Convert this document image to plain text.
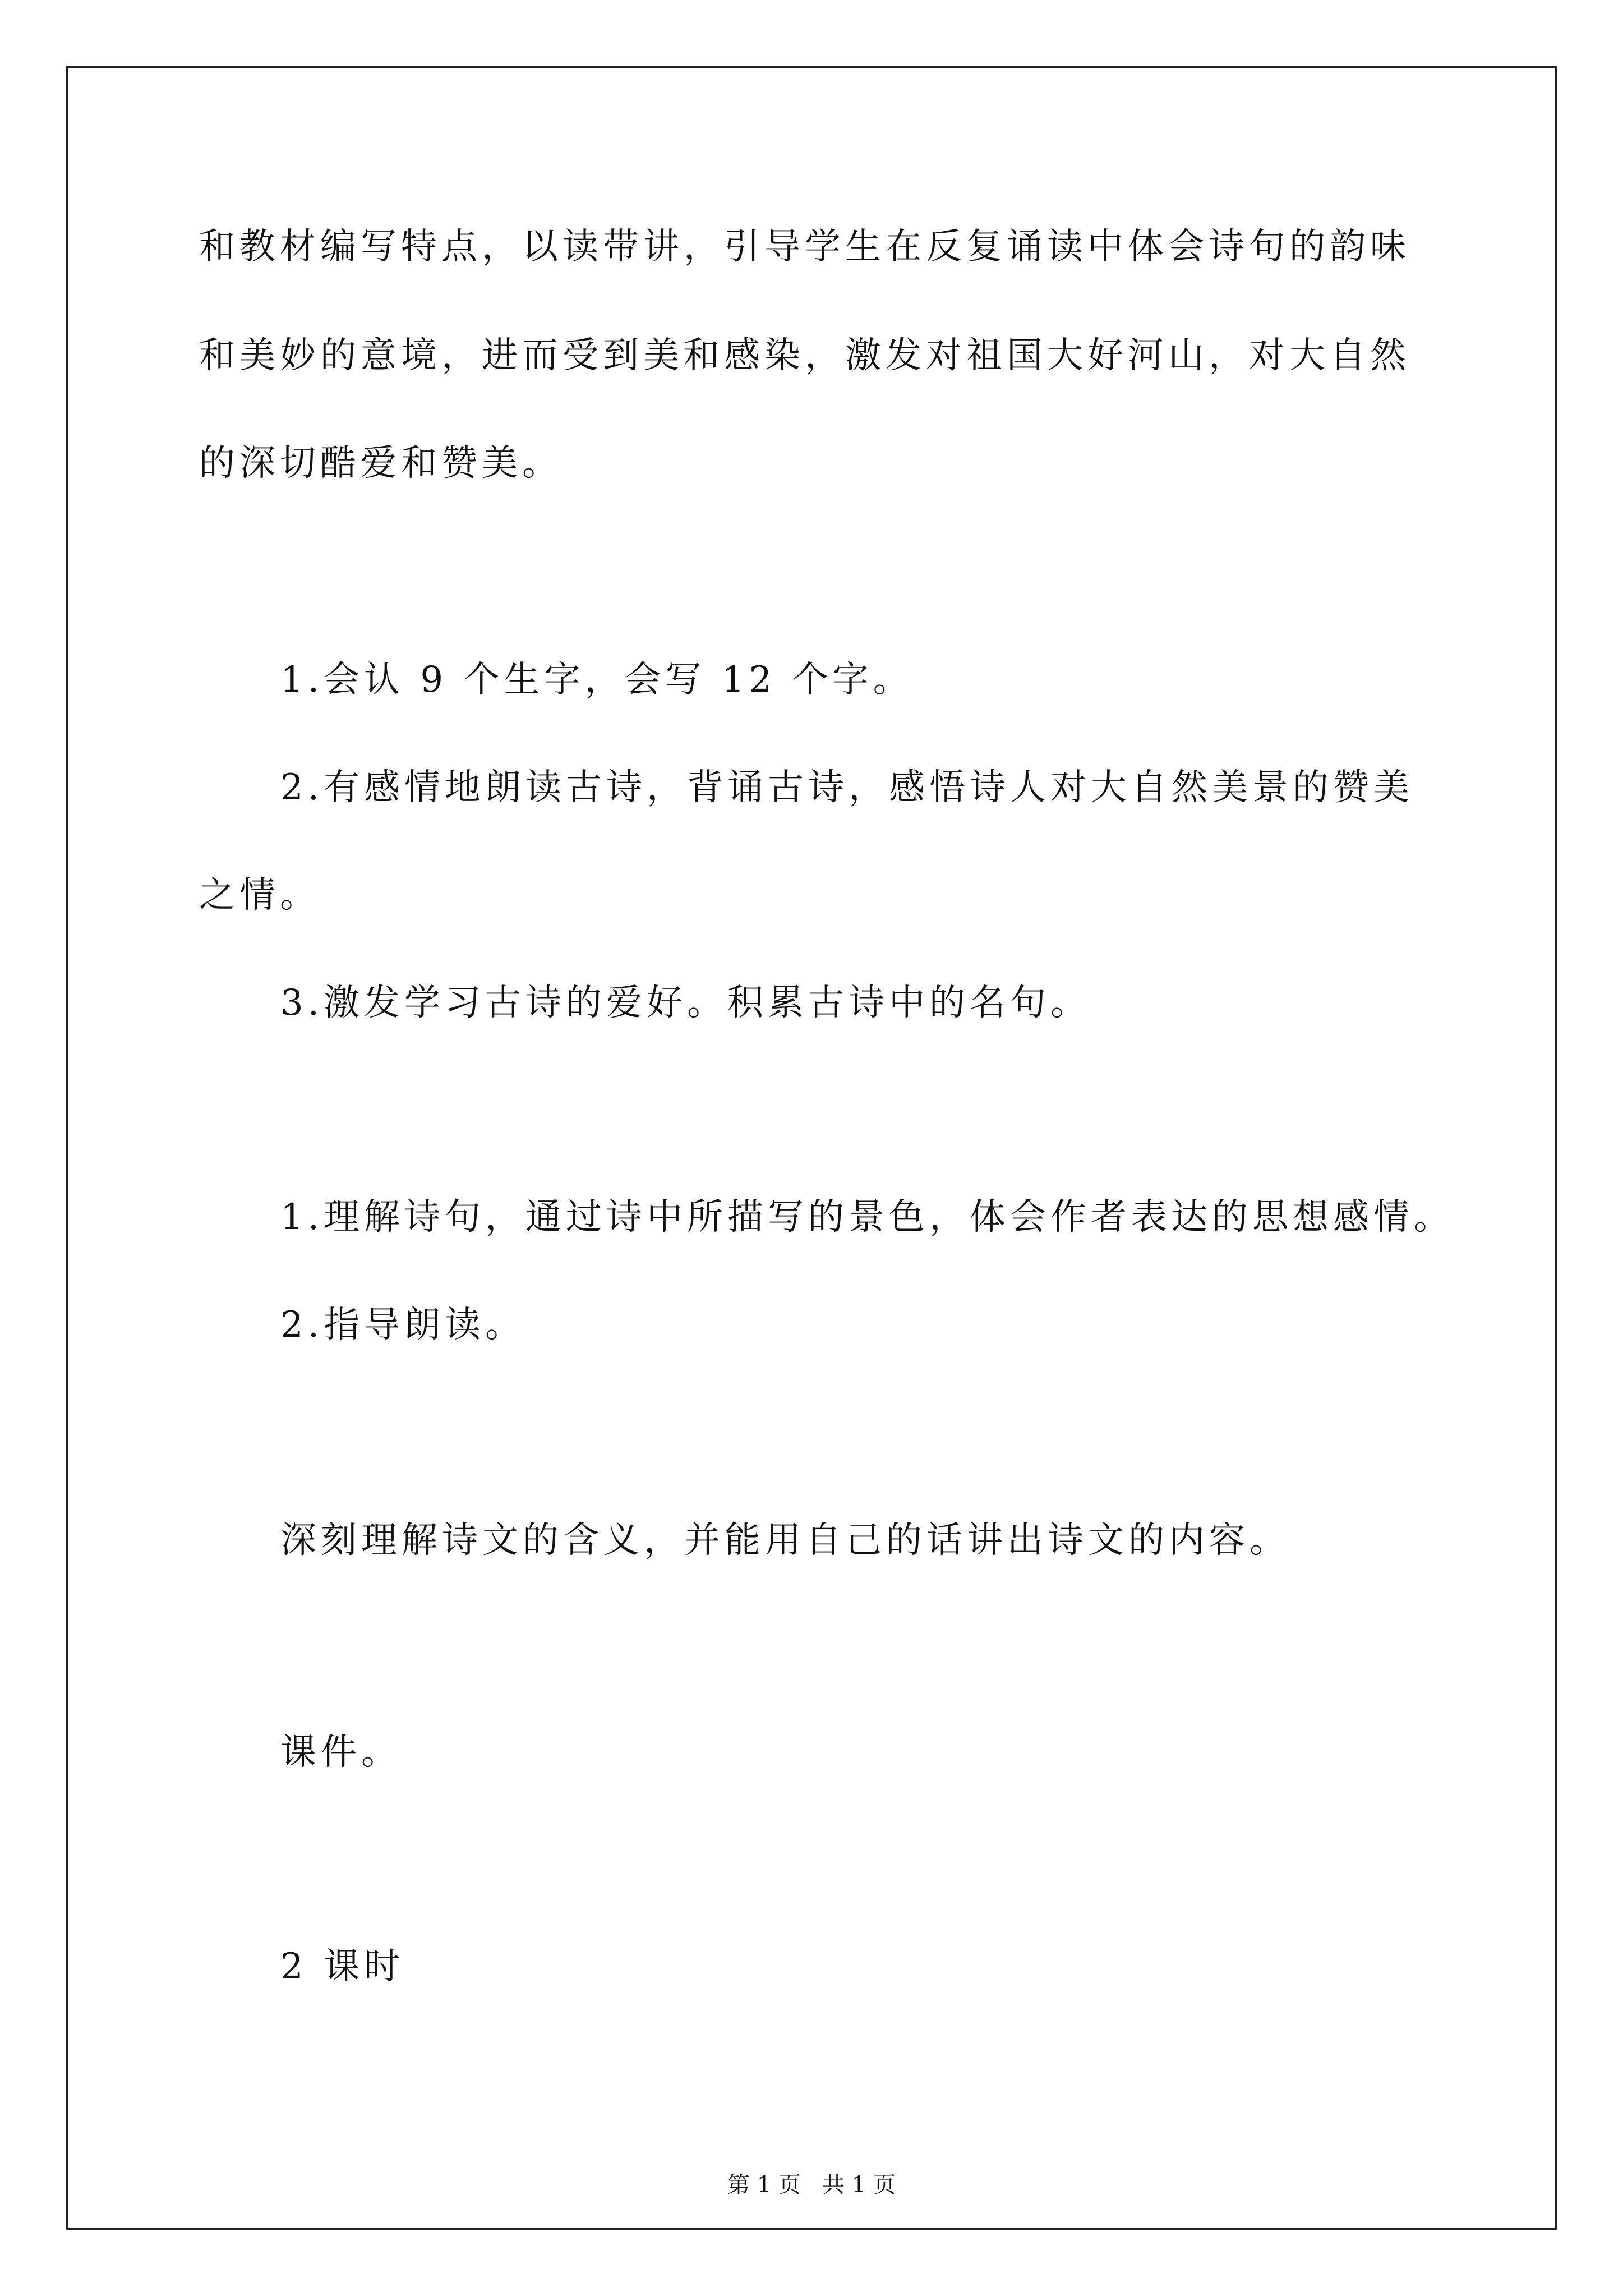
和教材编写特点，以读带讲，引导学生在反复诵读中体会诗句的韵味
和美妙的意境，进而受到美和感染，激发对祖国大好河山，对大自然
的深切酷爱和赞美。
1.会认 9 个生字，会写 12 个字。
2.有感情地朗读古诗，背诵古诗，感悟诗人对大自然美景的赞美
之情。
3.激发学习古诗的爱好。积累古诗中的名句。
1.理解诗句，通过诗中所描写的景色，体会作者表达的思想感情。
2.指导朗读。
深刻理解诗文的含义，并能用自己的话讲出诗文的内容。
课件。
2 课时
第 1 页   共 1 页
